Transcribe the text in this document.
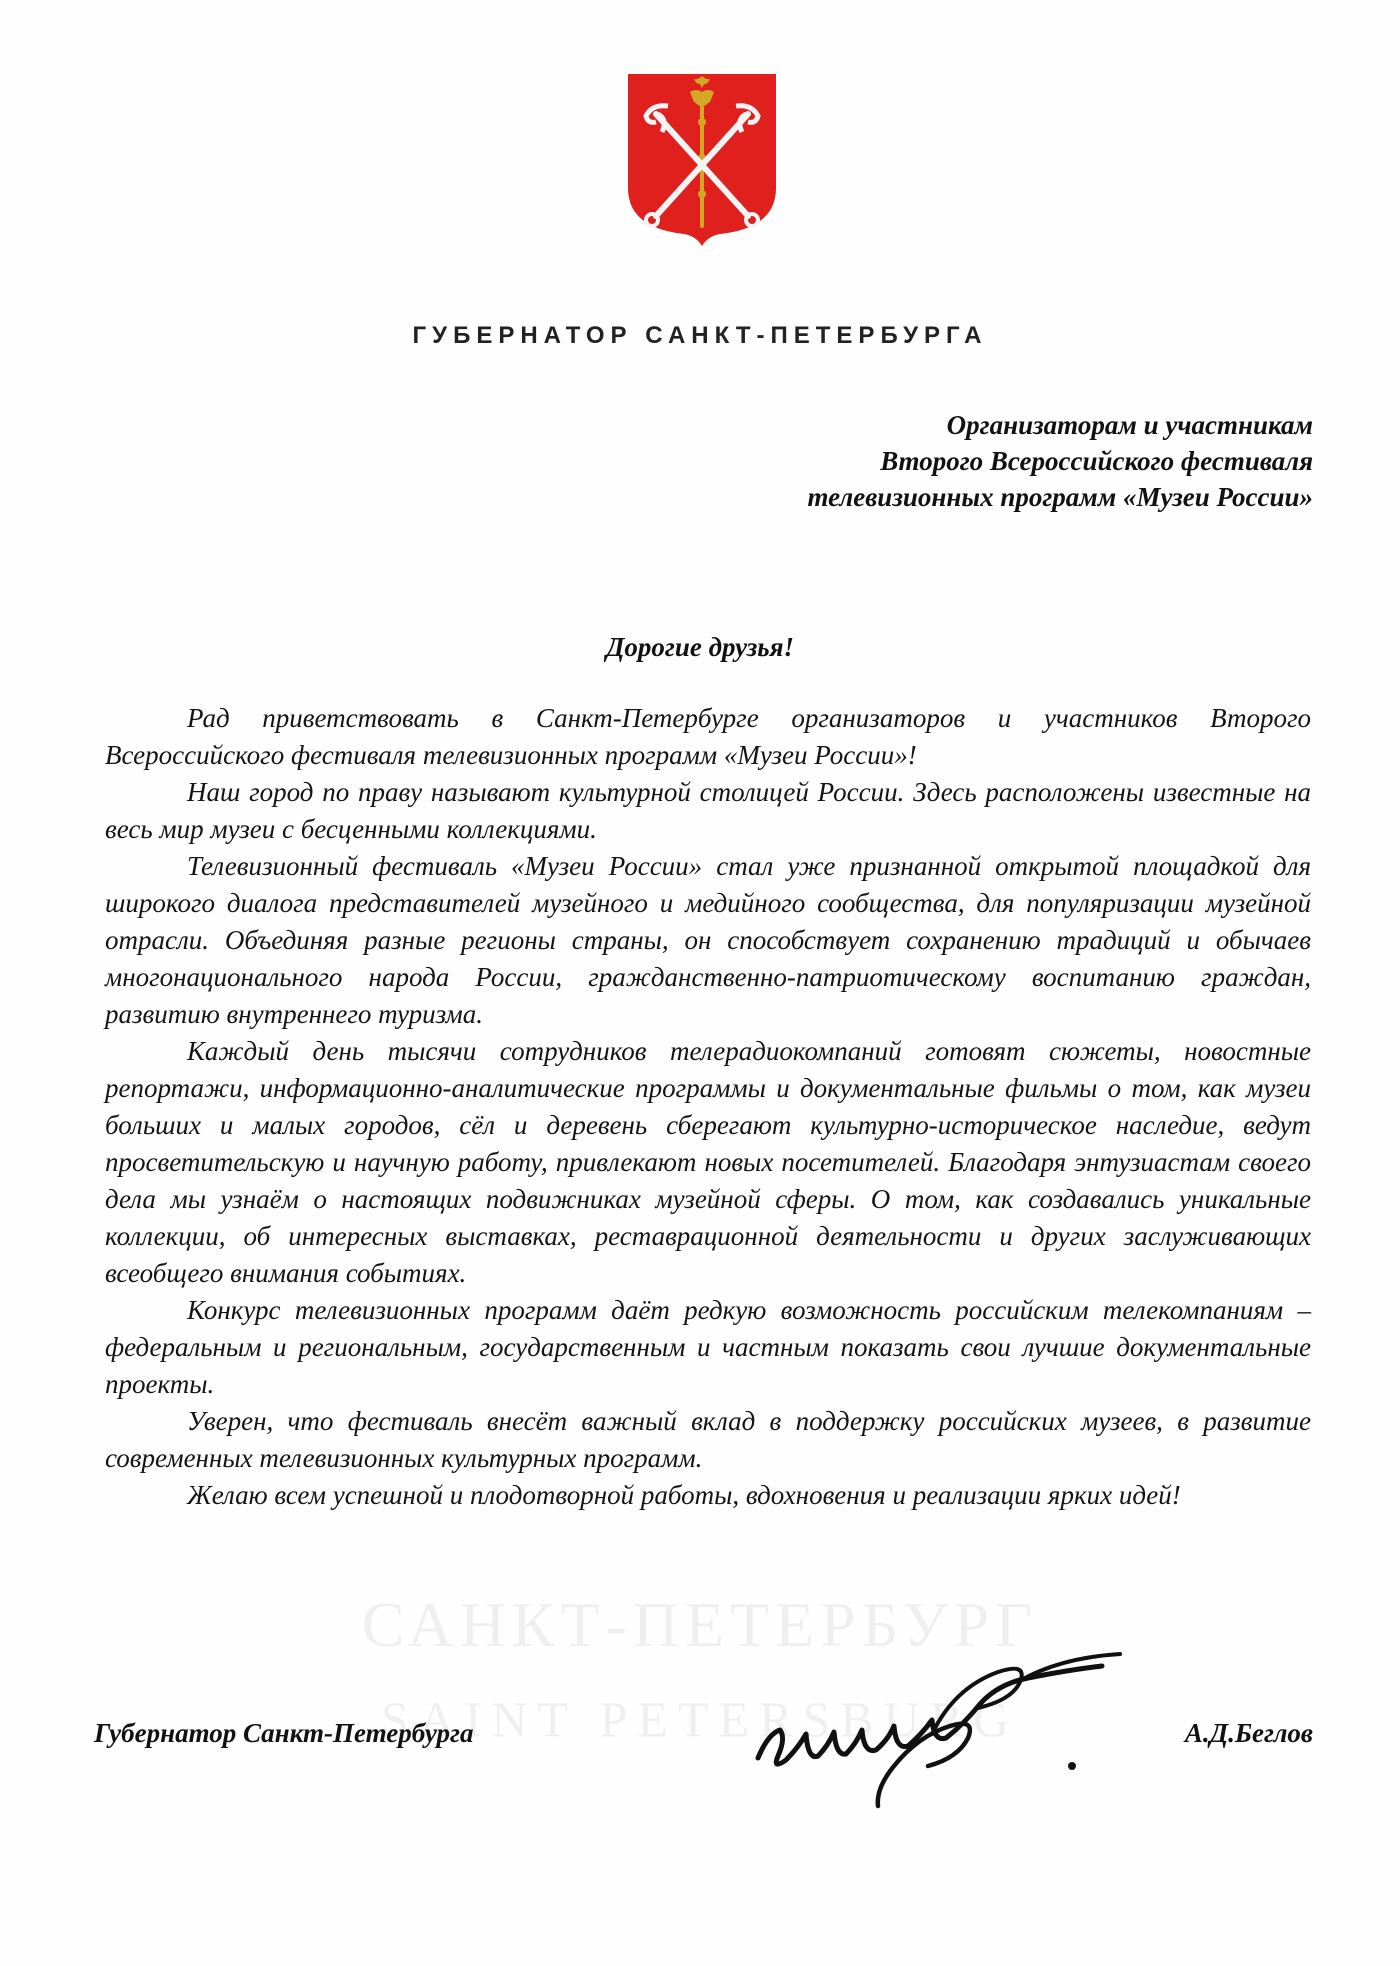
ГУБЕРНАТОР САНКТ-ПЕТЕРБУРГА
Организаторам и участникам
Второго Всероссийского фестиваля
телевизионных программ «Музеи России»
Дорогие друзья!

Рад приветствовать в Санкт-Петербурге организаторов и участников Второго Всероссийского фестиваля телевизионных программ «Музеи России»!

Наш город по праву называют культурной столицей России. Здесь расположены известные на весь мир музеи с бесценными коллекциями.

Телевизионный фестиваль «Музеи России» стал уже признанной открытой площадкой для широкого диалога представителей музейного и медийного сообщества, для популяризации музейной отрасли. Объединяя разные регионы страны, он способствует сохранению традиций и обычаев многонационального народа России, гражданственно-патриотическому воспитанию граждан, развитию внутреннего туризма.

Каждый день тысячи сотрудников телерадиокомпаний готовят сюжеты, новостные репортажи, информационно-аналитические программы и документальные фильмы о том, как музеи больших и малых городов, сёл и деревень сберегают культурно-историческое наследие, ведут просветительскую и научную работу, привлекают новых посетителей. Благодаря энтузиастам своего дела мы узнаём о настоящих подвижниках музейной сферы. О том, как создавались уникальные коллекции, об интересных выставках, реставрационной деятельности и других заслуживающих всеобщего внимания событиях.

Конкурс телевизионных программ даёт редкую возможность российским телекомпаниям – федеральным и региональным, государственным и частным показать свои лучшие документальные проекты.

Уверен, что фестиваль внесёт важный вклад в поддержку российских музеев, в развитие современных телевизионных культурных программ.

Желаю всем успешной и плодотворной работы, вдохновения и реализации ярких идей!

САНКТ-ПЕТЕРБУРГ
SAINT PETERSBURG
Губернатор Санкт-Петербурга	А.Д.Беглов
